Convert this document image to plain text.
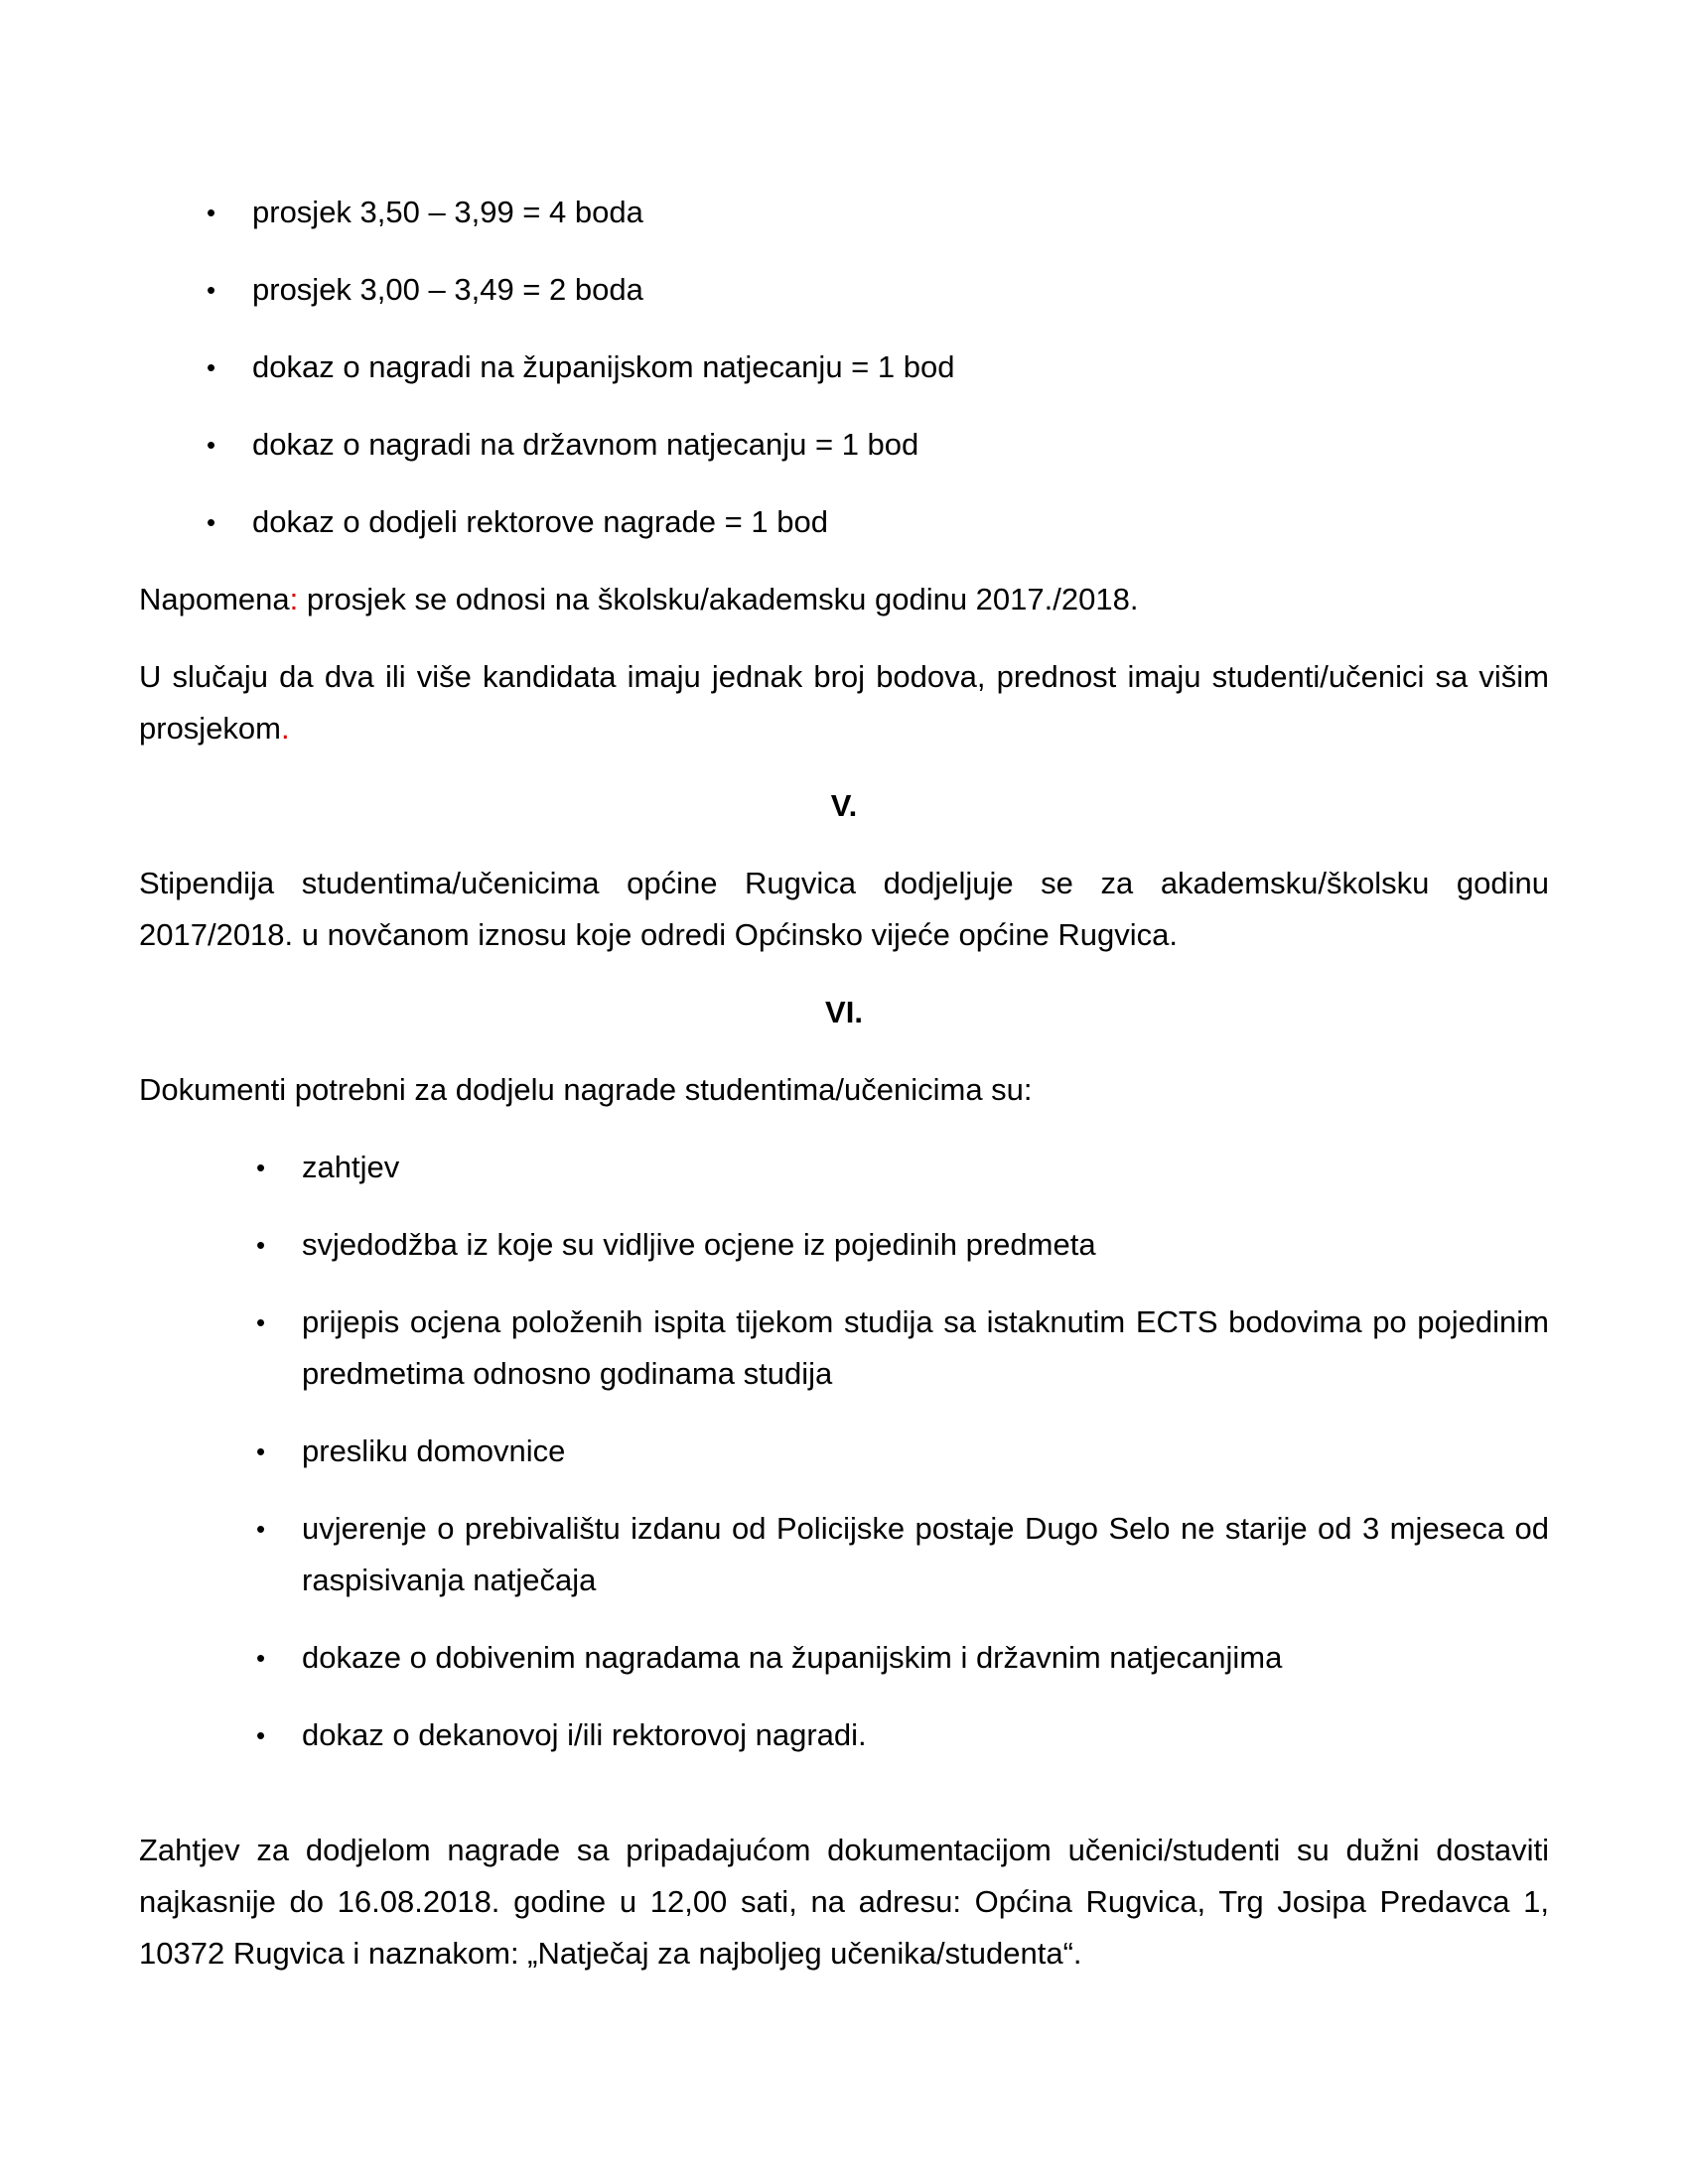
•	prosjek 3,50 – 3,99 = 4 boda
•	prosjek 3,00 – 3,49 = 2 boda
•	dokaz o nagradi na županijskom natjecanju = 1 bod
•	dokaz o nagradi na državnom natjecanju = 1 bod
•	dokaz o dodjeli rektorove nagrade = 1 bod

Napomena: prosjek se odnosi na školsku/akademsku godinu 2017./2018.

U slučaju da dva ili više kandidata imaju jednak broj bodova, prednost imaju studenti/učenici sa višim prosjekom.

V.

Stipendija studentima/učenicima općine Rugvica dodjeljuje se za akademsku/školsku godinu 2017/2018. u novčanom iznosu koje odredi Općinsko vijeće općine Rugvica.

VI.

Dokumenti potrebni za dodjelu nagrade studentima/učenicima su:

•	zahtjev
•	svjedodžba iz koje su vidljive ocjene iz pojedinih predmeta
•	prijepis ocjena položenih ispita tijekom studija sa istaknutim ECTS bodovima po pojedinim predmetima odnosno godinama studija
•	presliku domovnice
•	uvjerenje o prebivalištu izdanu od Policijske postaje Dugo Selo ne starije od 3 mjeseca od raspisivanja natječaja
•	dokaze o dobivenim nagradama na županijskim i državnim natjecanjima
•	dokaz o dekanovoj i/ili rektorovoj nagradi.

Zahtjev za dodjelom nagrade sa pripadajućom dokumentacijom učenici/studenti su dužni dostaviti najkasnije do 16.08.2018. godine u 12,00 sati, na adresu: Općina Rugvica, Trg Josipa Predavca 1, 10372 Rugvica i naznakom: „Natječaj za najboljeg učenika/studenta“.
